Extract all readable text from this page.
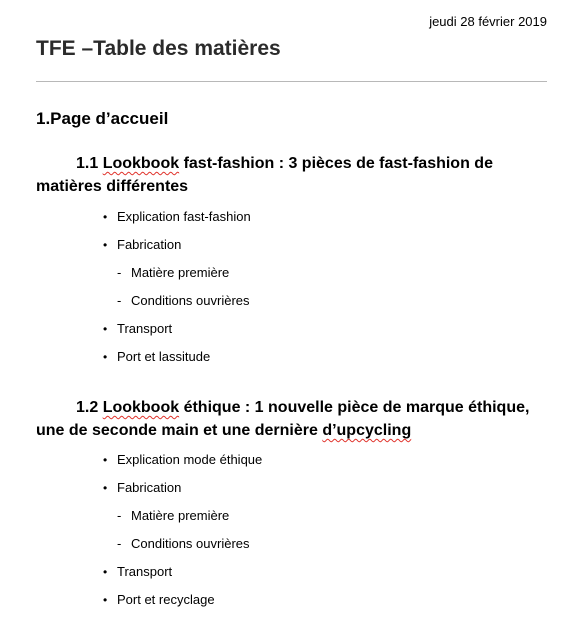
jeudi 28 février 2019
TFE –Table des matières
1.Page d’accueil
1.1 Lookbook fast-fashion : 3 pièces de fast-fashion de matières différentes
• Explication fast-fashion
• Fabrication
- Matière première
- Conditions ouvrières
• Transport
• Port et lassitude
1.2 Lookbook éthique : 1 nouvelle pièce de marque éthique, une de seconde main et une dernière d’upcycling
• Explication mode éthique
• Fabrication
- Matière première
- Conditions ouvrières
• Transport
• Port et recyclage
